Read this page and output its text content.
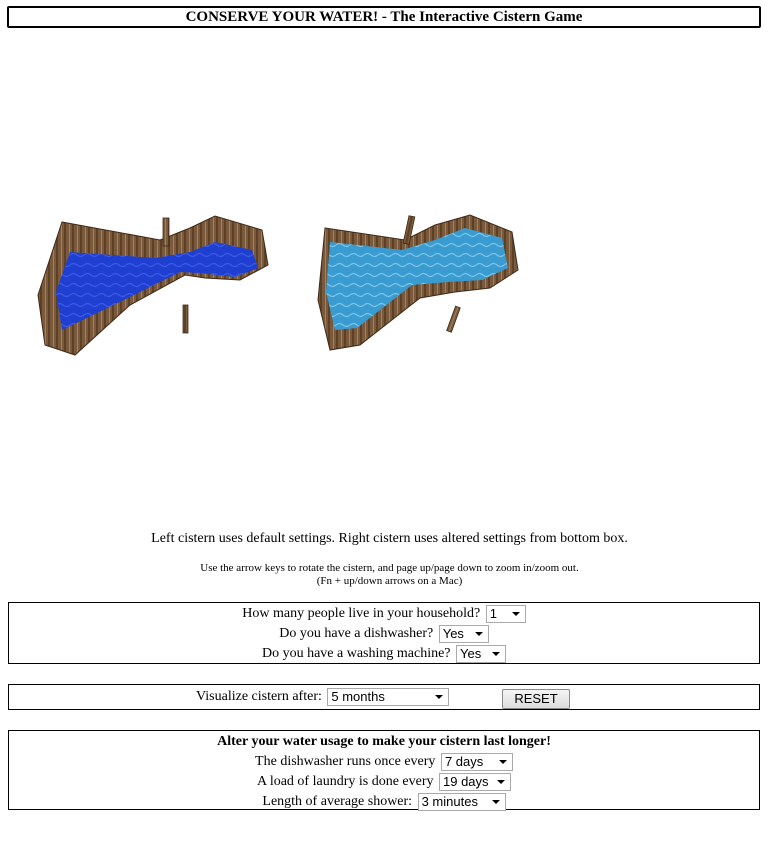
CONSERVE YOUR WATER! - The Interactive Cistern Game
Left cistern uses default settings. Right cistern uses altered settings from bottom box.
Use the arrow keys to rotate the cistern, and page up/page down to zoom in/zoom out.
(Fn + up/down arrows on a Mac)
How many people live in your household? 1
Do you have a dishwasher? Yes
Do you have a washing machine? Yes
Visualize cistern after: 5 months	RESET
Alter your water usage to make your cistern last longer!
The dishwasher runs once every 7 days
A load of laundry is done every 19 days
Length of average shower: 3 minutes
